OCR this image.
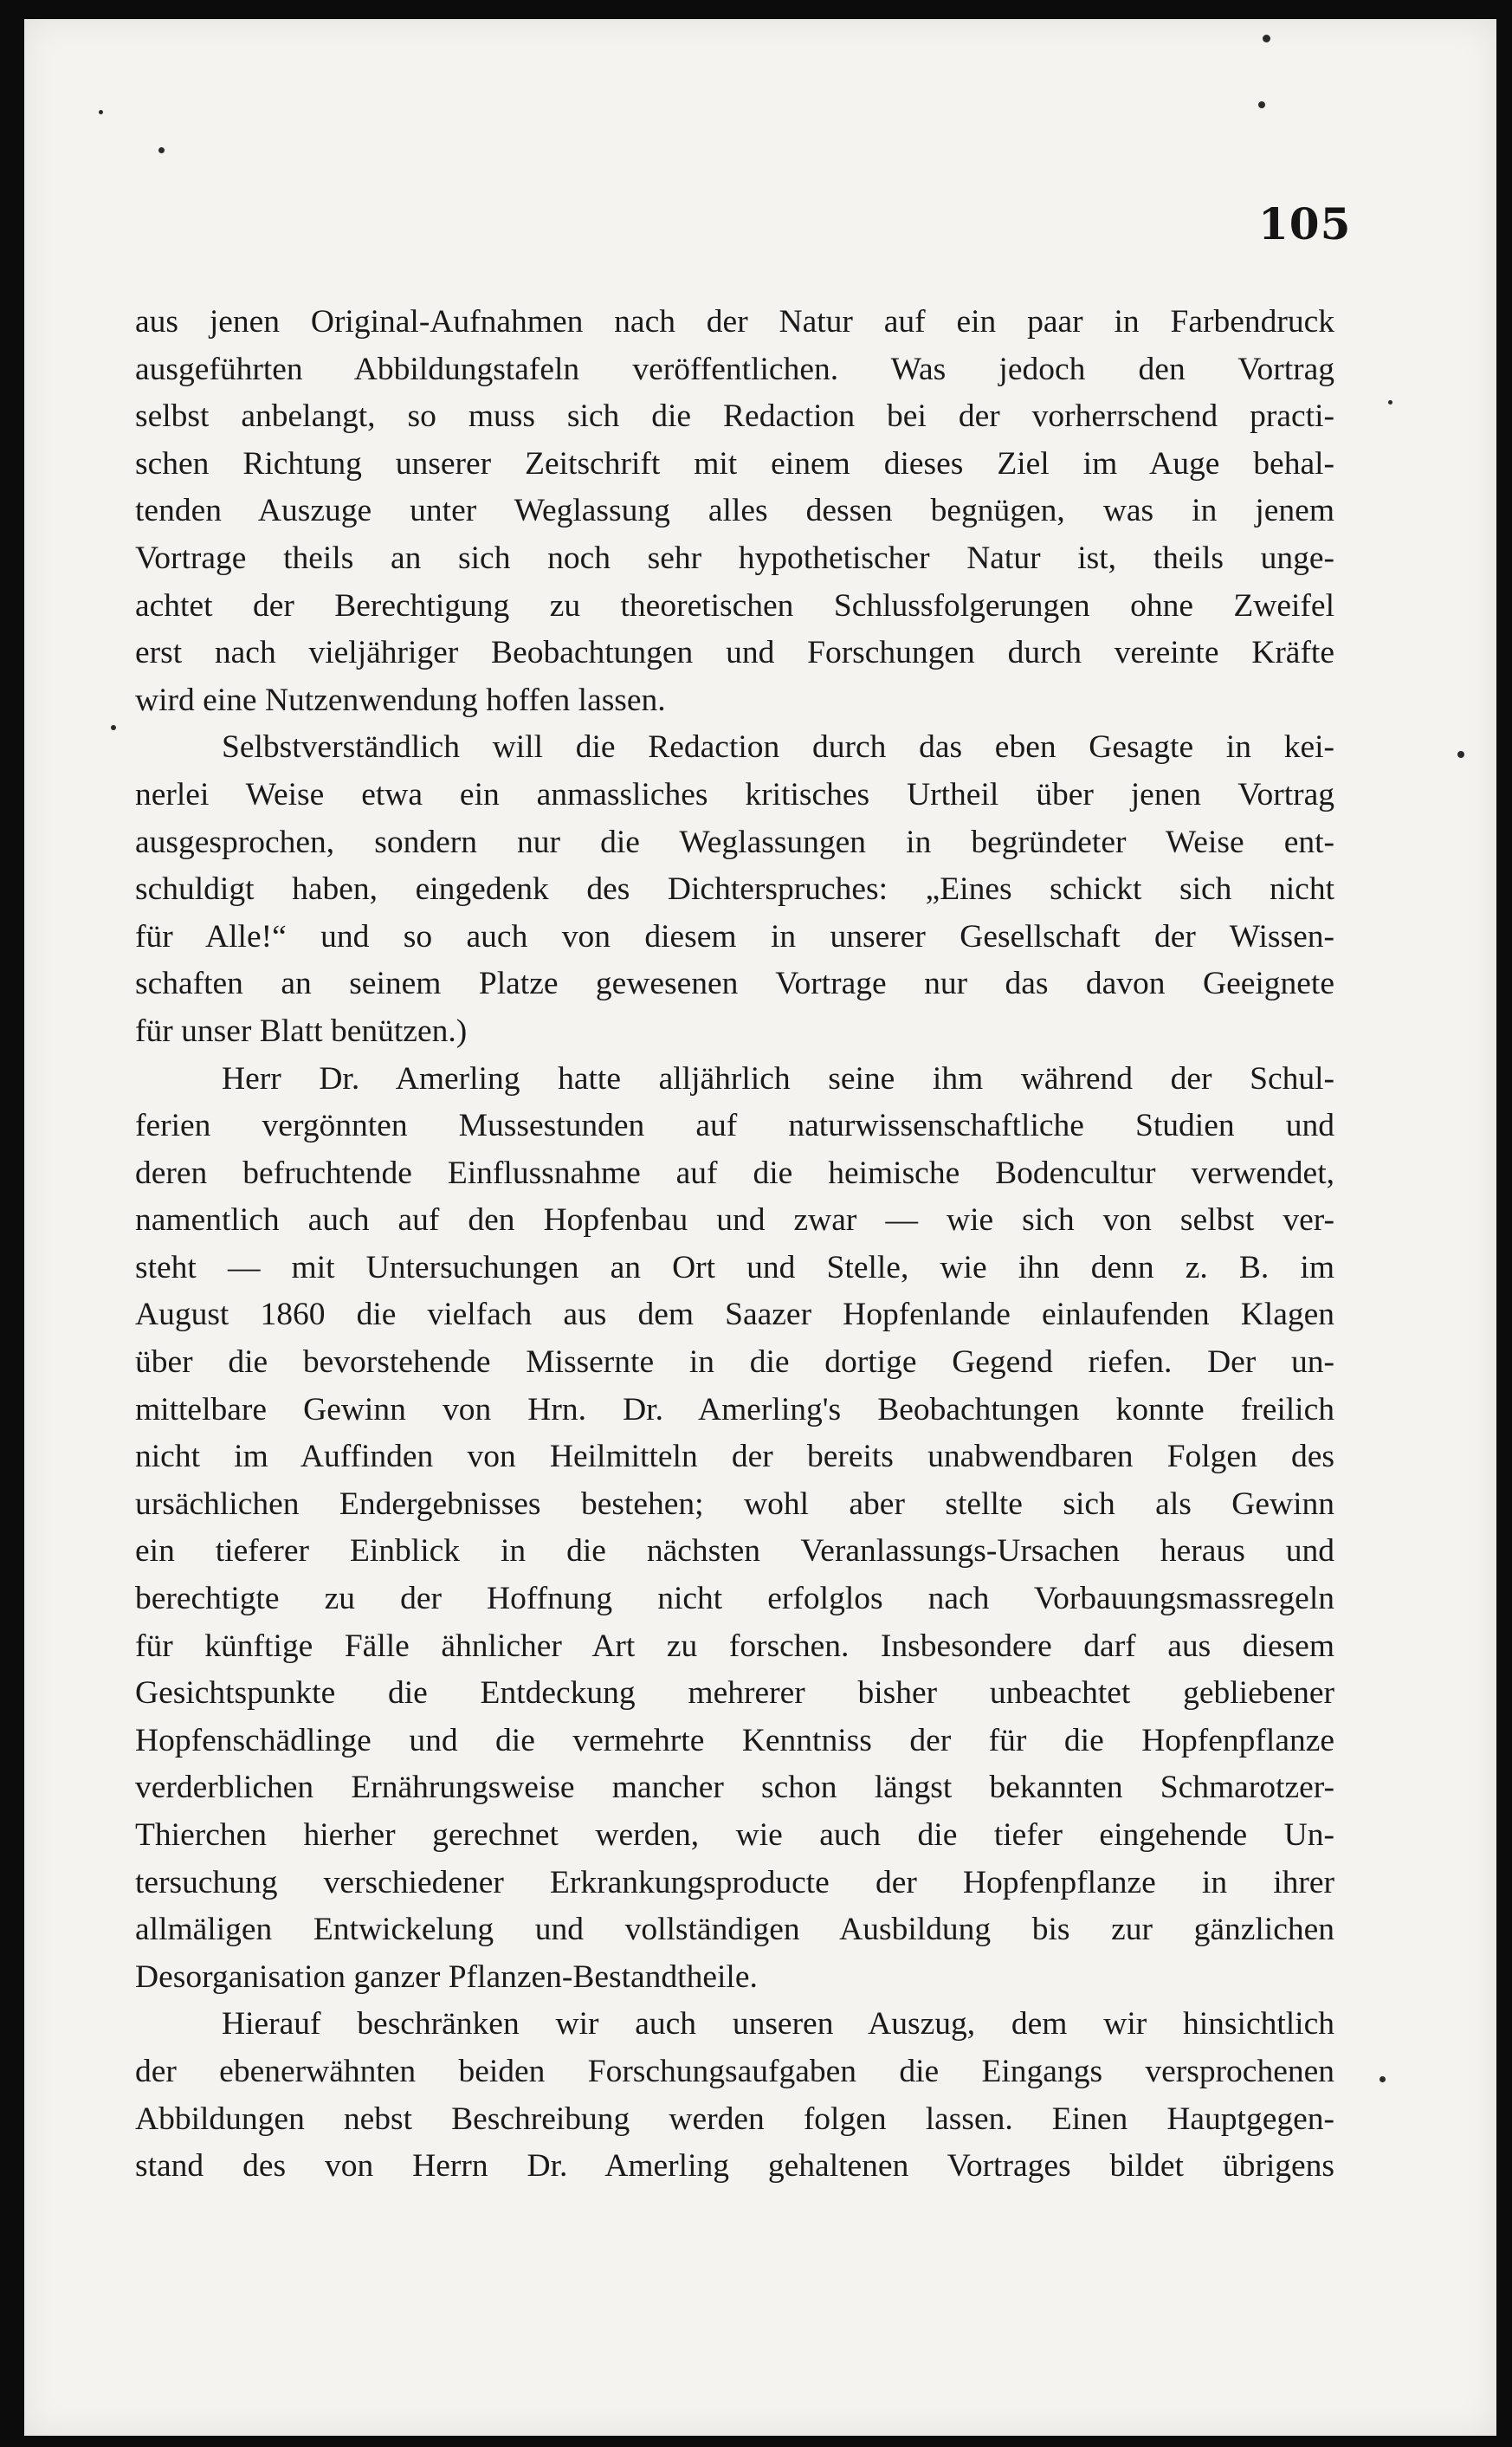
105

aus jenen Original-Aufnahmen nach der Natur auf ein paar in Farbendruck
ausgeführten Abbildungstafeln veröffentlichen. Was jedoch den Vortrag
selbst anbelangt, so muss sich die Redaction bei der vorherrschend practi-
schen Richtung unserer Zeitschrift mit einem dieses Ziel im Auge behal-
tenden Auszuge unter Weglassung alles dessen begnügen, was in jenem
Vortrage theils an sich noch sehr hypothetischer Natur ist, theils unge-
achtet der Berechtigung zu theoretischen Schlussfolgerungen ohne Zweifel
erst nach vieljähriger Beobachtungen und Forschungen durch vereinte Kräfte
wird eine Nutzenwendung hoffen lassen.

Selbstverständlich will die Redaction durch das eben Gesagte in kei-
nerlei Weise etwa ein anmassliches kritisches Urtheil über jenen Vortrag
ausgesprochen, sondern nur die Weglassungen in begründeter Weise ent-
schuldigt haben, eingedenk des Dichterspruches: „Eines schickt sich nicht
für Alle!“ und so auch von diesem in unserer Gesellschaft der Wissen-
schaften an seinem Platze gewesenen Vortrage nur das davon Geeignete
für unser Blatt benützen.)

Herr Dr. Amerling hatte alljährlich seine ihm während der Schul-
ferien vergönnten Mussestunden auf naturwissenschaftliche Studien und
deren befruchtende Einflussnahme auf die heimische Bodencultur verwendet,
namentlich auch auf den Hopfenbau und zwar — wie sich von selbst ver-
steht — mit Untersuchungen an Ort und Stelle, wie ihn denn z. B. im
August 1860 die vielfach aus dem Saazer Hopfenlande einlaufenden Klagen
über die bevorstehende Missernte in die dortige Gegend riefen. Der un-
mittelbare Gewinn von Hrn. Dr. Amerling's Beobachtungen konnte freilich
nicht im Auffinden von Heilmitteln der bereits unabwendbaren Folgen des
ursächlichen Endergebnisses bestehen; wohl aber stellte sich als Gewinn
ein tieferer Einblick in die nächsten Veranlassungs-Ursachen heraus und
berechtigte zu der Hoffnung nicht erfolglos nach Vorbauungsmassregeln
für künftige Fälle ähnlicher Art zu forschen. Insbesondere darf aus diesem
Gesichtspunkte die Entdeckung mehrerer bisher unbeachtet gebliebener
Hopfenschädlinge und die vermehrte Kenntniss der für die Hopfenpflanze
verderblichen Ernährungsweise mancher schon längst bekannten Schmarotzer-
Thierchen hierher gerechnet werden, wie auch die tiefer eingehende Un-
tersuchung verschiedener Erkrankungsproducte der Hopfenpflanze in ihrer
allmäligen Entwickelung und vollständigen Ausbildung bis zur gänzlichen
Desorganisation ganzer Pflanzen-Bestandtheile.

Hierauf beschränken wir auch unseren Auszug, dem wir hinsichtlich
der ebenerwähnten beiden Forschungsaufgaben die Eingangs versprochenen
Abbildungen nebst Beschreibung werden folgen lassen. Einen Hauptgegen-
stand des von Herrn Dr. Amerling gehaltenen Vortrages bildet übrigens
